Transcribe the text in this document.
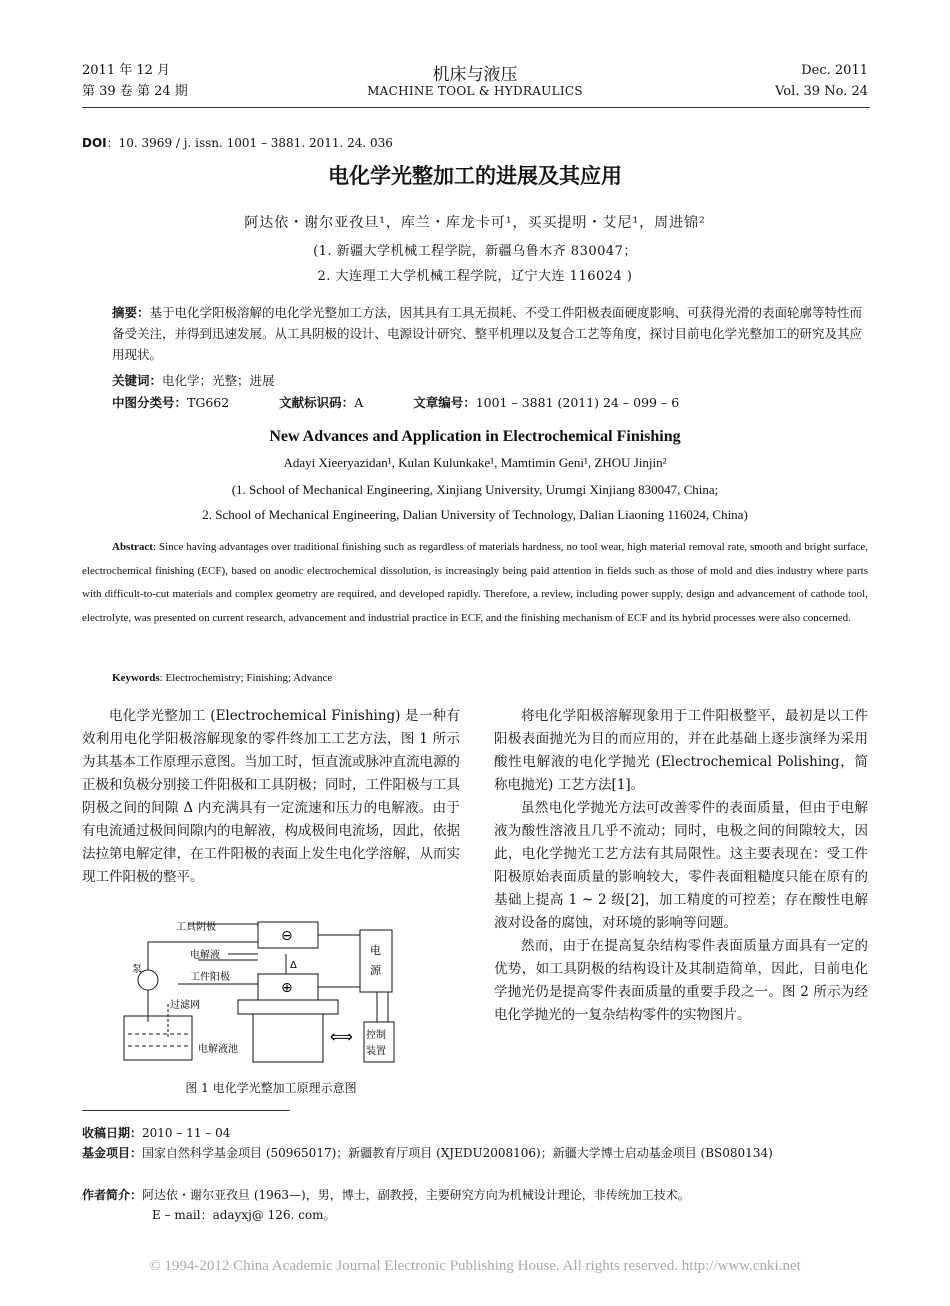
2011 年 12 月
第 39 卷 第 24 期
机床与液压
MACHINE TOOL & HYDRAULICS
Dec. 2011
Vol. 39 No. 24
DOI：10. 3969 / j. issn. 1001 – 3881. 2011. 24. 036
电化学光整加工的进展及其应用
阿达依・谢尔亚孜旦¹，库兰・库龙卡可¹，买买提明・艾尼¹，周进锦²
(1. 新疆大学机械工程学院，新疆乌鲁木齐 830047；
2. 大连理工大学机械工程学院，辽宁大连 116024 )
摘要：基于电化学阳极溶解的电化学光整加工方法，因其具有工具无损耗、不受工件阳极表面硬度影响、可获得光滑的表面轮廓等特性而备受关注，并得到迅速发展。从工具阴极的设计、电源设计研究、整平机理以及复合工艺等角度，探讨目前电化学光整加工的研究及其应用现状。
关键词：电化学；光整；进展
中图分类号：TG662	文献标识码：A	文章编号：1001 – 3881 (2011) 24 – 099 – 6
New Advances and Application in Electrochemical Finishing
Adayi Xieeryazidan¹, Kulan Kulunkake¹, Mamtimin Geni¹, ZHOU Jinjin²
(1. School of Mechanical Engineering, Xinjiang University, Urumgi Xinjiang 830047, China;
2. School of Mechanical Engineering, Dalian University of Technology, Dalian Liaoning 116024, China)
Abstract: Since having advantages over traditional finishing such as regardless of materials hardness, no tool wear, high material removal rate, smooth and bright surface, electrochemical finishing (ECF), based on anodic electrochemical dissolution, is increasingly being paid attention in fields such as those of mold and dies industry where parts with difficult-to-cut materials and complex geometry are required, and developed rapidly. Therefore, a review, including power supply, design and advancement of cathode tool, electrolyte, was presented on current research, advancement and industrial practice in ECF, and the finishing mechanism of ECF and its hybrid processes were also concerned.
Keywords: Electrochemistry; Finishing; Advance

电化学光整加工 (Electrochemical Finishing) 是一种有效利用电化学阳极溶解现象的零件终加工工艺方法，图 1 所示为其基本工作原理示意图。当加工时，恒直流或脉冲直流电源的正极和负极分别接工件阳极和工具阴极；同时，工件阳极与工具阴极之间的间隙 Δ 内充满具有一定流速和压力的电解液。由于有电流通过极间间隙内的电解液，构成极间电流场，因此，依据法拉第电解定律，在工件阳极的表面上发生电化学溶解，从而实现工件阳极的整平。

工具阴极
电解液
泵
工件阳极
过滤网
电解液池
电
源
控制
装置
Δ
⊖
⊕
⟺
图 1 电化学光整加工原理示意图

将电化学阳极溶解现象用于工件阳极整平，最初是以工件阳极表面抛光为目的而应用的，并在此基础上逐步演绎为采用酸性电解液的电化学抛光 (Electrochemical Polishing，简称电抛光) 工艺方法[1]。

虽然电化学抛光方法可改善零件的表面质量，但由于电解液为酸性溶液且几乎不流动；同时，电极之间的间隙较大，因此，电化学抛光工艺方法有其局限性。这主要表现在：受工件阳极原始表面质量的影响较大，零件表面粗糙度只能在原有的基础上提高 1 ~ 2 级[2]，加工精度的可控差；存在酸性电解液对设备的腐蚀，对环境的影响等问题。

然而，由于在提高复杂结构零件表面质量方面具有一定的优势，如工具阴极的结构设计及其制造简单，因此，目前电化学抛光仍是提高零件表面质量的重要手段之一。图 2 所示为经电化学抛光的一复杂结构零件的实物图片。

收稿日期：2010 – 11 – 04
基金项目：国家自然科学基金项目 (50965017)；新疆教育厅项目 (XJEDU2008106)；新疆大学博士启动基金项目 (BS080134)
作者简介：阿达依・谢尔亚孜旦 (1963—)，男，博士，副教授，主要研究方向为机械设计理论，非传统加工技术。
E – mail：adayxj@ 126. com。
© 1994-2012 China Academic Journal Electronic Publishing House. All rights reserved. http://www.cnki.net
